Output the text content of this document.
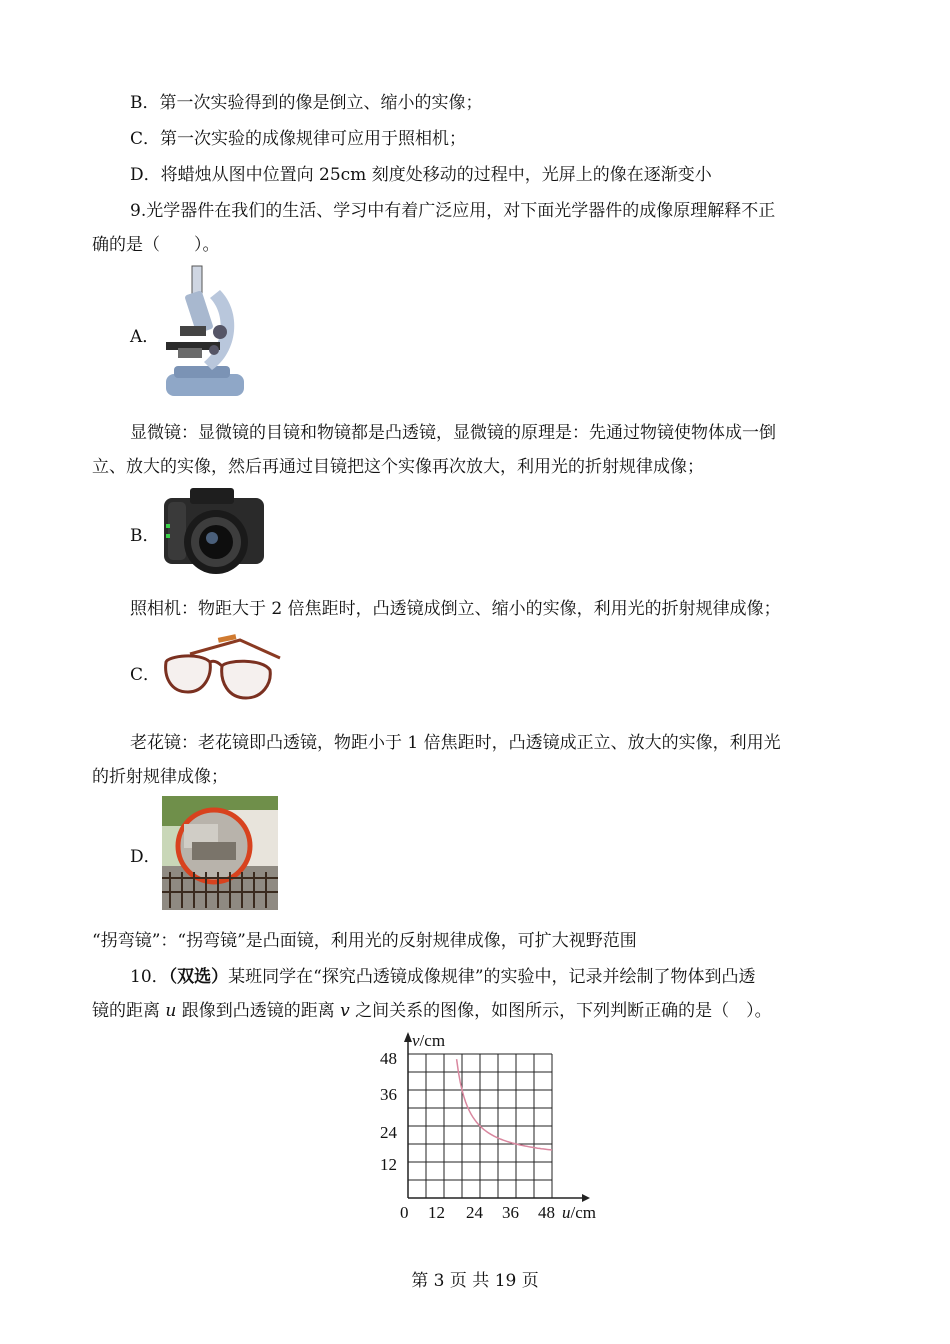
B．第一次实验得到的像是倒立、缩小的实像；
C．第一次实验的成像规律可应用于照相机；
D．将蜡烛从图中位置向 25cm 刻度处移动的过程中，光屏上的像在逐渐变小
9.光学器件在我们的生活、学习中有着广泛应用，对下面光学器件的成像原理解释不正
确的是（　　）。
A．
显微镜：显微镜的目镜和物镜都是凸透镜，显微镜的原理是：先通过物镜使物体成一倒
立、放大的实像，然后再通过目镜把这个实像再次放大，利用光的折射规律成像；
B．
照相机：物距大于 2 倍焦距时，凸透镜成倒立、缩小的实像，利用光的折射规律成像；
C．
老花镜：老花镜即凸透镜，物距小于 1 倍焦距时，凸透镜成正立、放大的实像，利用光
的折射规律成像；
D．
“拐弯镜”：“拐弯镜”是凸面镜，利用光的反射规律成像，可扩大视野范围
10．（双选）某班同学在“探究凸透镜成像规律”的实验中，记录并绘制了物体到凸透
镜的距离 u 跟像到凸透镜的距离 v 之间关系的图像，如图所示，下列判断正确的是（　）。
v/cm
u/cm
0 12 24 36 48
12
24
36
48
第 3 页 共 19 页
